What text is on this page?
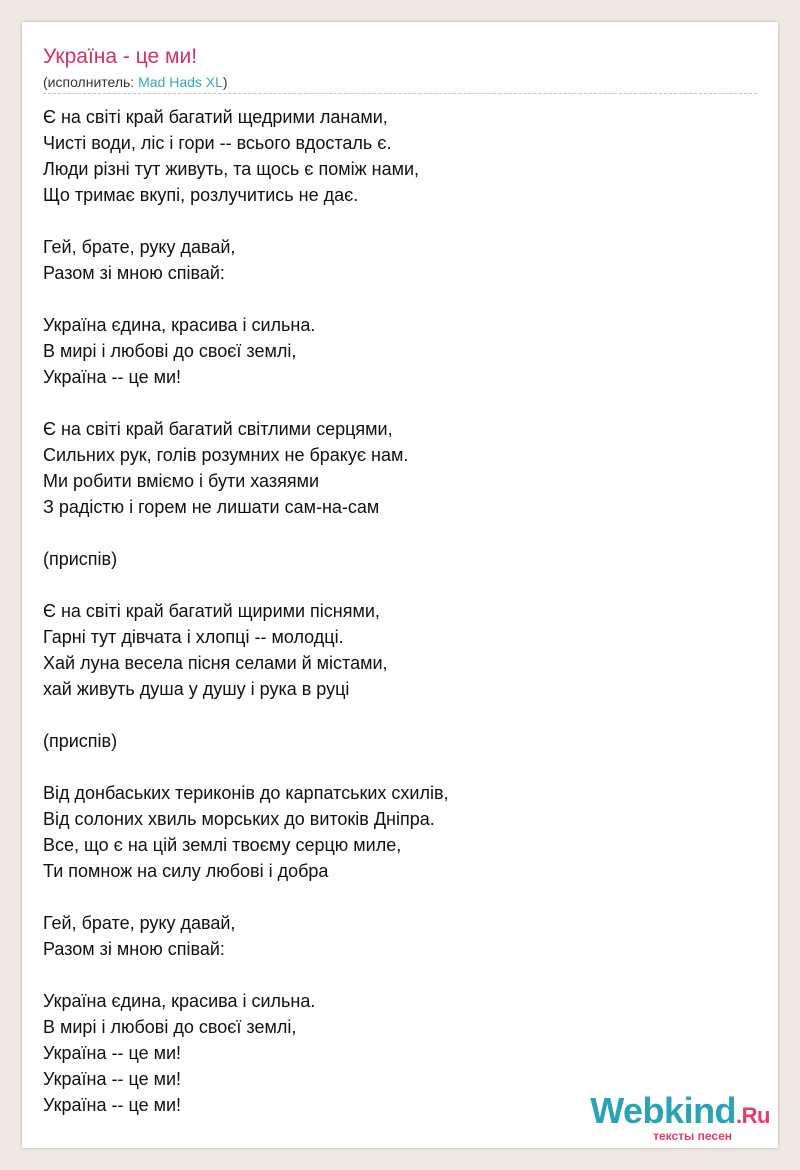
Україна - це ми!
(исполнитель: Mad Hads XL)
Є на світі край багатий щедрими ланами,
Чисті води, ліс і гори -- всього вдосталь є.
Люди різні тут живуть, та щось є поміж нами,
Що тримає вкупі, розлучитись не дає.
Гей, брате, руку давай,
Разом зі мною співай:
Україна єдина, красива і сильна.
В мирі і любові до своєї землі,
Україна -- це ми!
Є на світі край багатий світлими серцями,
Сильних рук, голів розумних не бракує нам.
Ми робити вміємо і бути хазяями
З радістю і горем не лишати сам-на-сам
(приспів)
Є на світі край багатий щирими піснями,
Гарні тут дівчата і хлопці -- молодці.
Хай луна весела пісня селами й містами,
хай живуть душа у душу і рука в руці
(приспів)
Від донбаських териконів до карпатських схилів,
Від солоних хвиль морських до витоків Дніпра.
Все, що є на цій землі твоєму серцю миле,
Ти помнож на силу любові і добра
Гей, брате, руку давай,
Разом зі мною співай:
Україна єдина, красива і сильна.
В мирі і любові до своєї землі,
Україна -- це ми!
Україна -- це ми!
Україна -- це ми!	Webkind.Ru
тексты песен
